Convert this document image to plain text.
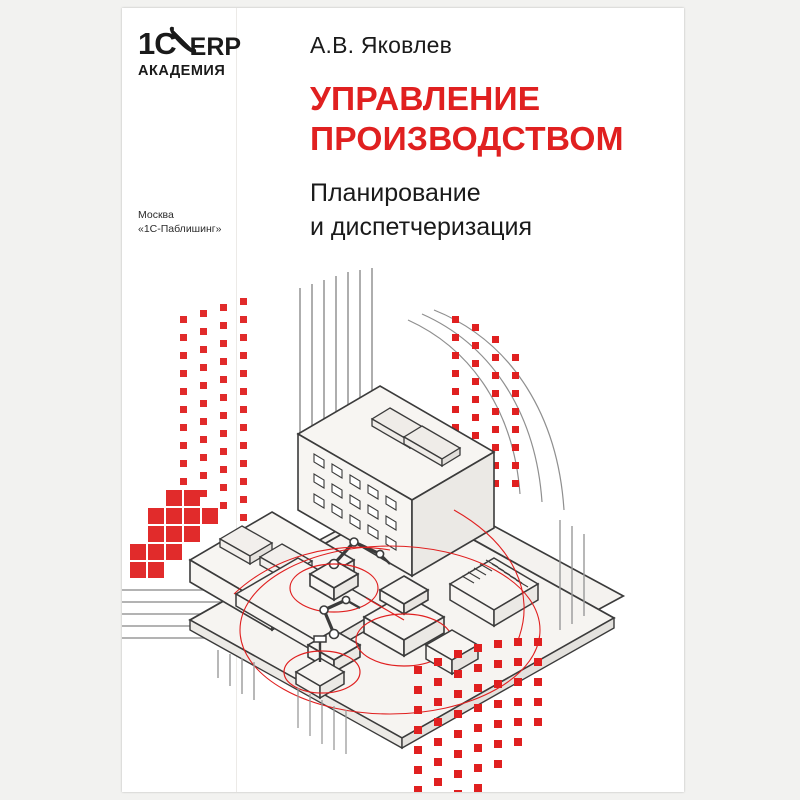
1C ERP
АКАДЕМИЯ
Москва
«1С-Паблишинг»
А.В. Яковлев
УПРАВЛЕНИЕ
ПРОИЗВОДСТВОМ
Планирование
и диспетчеризация
